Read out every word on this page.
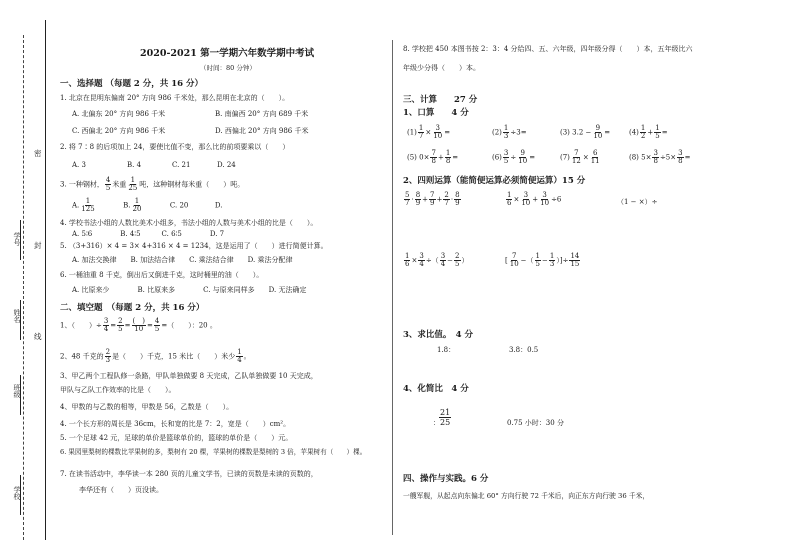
密
封
线
学号
姓名
班级
学校
2020-2021 第一学期六年数学期中考试
（时间：80 分钟）
一、选择题 （每题 2 分，共 16 分）
1. 北京在昆明东偏南 20° 方向 986 千米处，那么昆明在北京的（　　）。
A. 北偏东 20° 方向 986 千米	B. 南偏西 20° 方向 689 千米
C. 西偏北 20° 方向 986 千米	D. 西偏北 20° 方向 986 千米
2. 将 7∶8 的后项加上 24，要使比值不变，那么比的前项要乘以（　　）
A. 3	B. 4	C. 21	D. 24
3. 一种钢材， $\frac{4}{5}$ 米重 $\frac{1}{25}$ 吨，这种钢材每米重（　　）吨。
A. $\frac{1}{125}$	B. $\frac{1}{20}$	C. 20	D.
4. 学校书法小组的人数比美术小组多，书法小组的人数与美术小组的比是（　　）。
A. 5∶6　　　　B. 4∶5　　　C. 6∶5　　　　D. 7
5. （3+316）× 4 = 3× 4+316 × 4 = 1234，这是运用了（　　）进行简便计算。
A. 加法交换律　　B. 加法结合律　　C. 乘法结合律　　D. 乘法分配律
6. 一桶油重 8 千克，倒出后又倒进千克，这时桶里的油（　　）。
A. 比原来少　　　　B. 比原来多　　　　C. 与原来同样多　　D. 无法确定
二、填空题　（每题 2 分，共 16 分）
1、（　　）÷ $\frac{3}{4} = \frac{2}{5} = \frac{( )}{10} = \frac{4}{5}$ =（　　）：20 。
2、48 千克的 $\frac{2}{3}$ 是（　　）千克，15 米比（　　）米少 $\frac{1}{4}$ 。
3、甲乙两个工程队修一条路，甲队单独做要 8 天完成，乙队单独做要 10 天完成，
甲队与乙队工作效率的比是（　　）。
4、甲数的与乙数的相等，甲数是 56，乙数是（　　）。
4. 一个长方形的周长是 36cm，长和宽的比是 7：2，宽是（　　）cm²。
5. 一个足球 42 元，足球的单价是篮球单价的，篮球的单价是（　　）元。
6. 果园里梨树的棵数比苹果树的多，梨树有 20 棵，苹果树的棵数是梨树的 3 倍，苹果树有（　　）棵。
7. 在读书活动中，李华读一本 280 页的儿童文学书，已读的页数是未读的页数的，
李华还有（　　）页没读。
8. 学校把 450 本图书按 2：3：4 分给四、五、六年级，四年级分得（　　）本，五年级比六
年级少分得（　　）本。
三、计算　　27 分
1、口算　　4 分
$(1) \frac{1}{7} \times \frac{3}{10}$ =	$(2) \frac{1}{3} \div 3=$	(3) $3.2 - \frac{9}{10}$ =	$(4) \frac{1}{2} + \frac{1}{5}$ =
(5) $0\times \frac{7}{8} + \frac{1}{8}$ =	$(6) \frac{3}{5} \div \frac{9}{10}$ =	$(7) \frac{7}{12} \times \frac{6}{11}$	(8) $5\times \frac{3}{8} \div 5\times \frac{3}{8}$ =
2、四则运算（能简便运算必须简便运算）15 分
$\frac{5}{7} \cdot \frac{8}{9} + \frac{7}{9} + \frac{2}{7} \cdot \frac{8}{9}$	$\frac{1}{6} \times \frac{3}{10} + \frac{3}{10} \div 6$	（1 − ×）÷
$\frac{1}{6} \times \frac{3}{4}$ ÷（ $\frac{3}{4} - \frac{2}{5}$ ）	[ $\frac{7}{10}$ −（ $\frac{1}{5} - \frac{1}{3}$ ）]÷ $\frac{14}{15}$
3、求比值。　4 分
1.8：	3.8：0.5
4、化简比　4 分
$\frac{21}{25}$
：	0.75 小时：30 分
四、操作与实践。6 分
一艘军舰，从起点向东偏北 60° 方向行驶 72 千米后，向正东方向行驶 36 千米，
